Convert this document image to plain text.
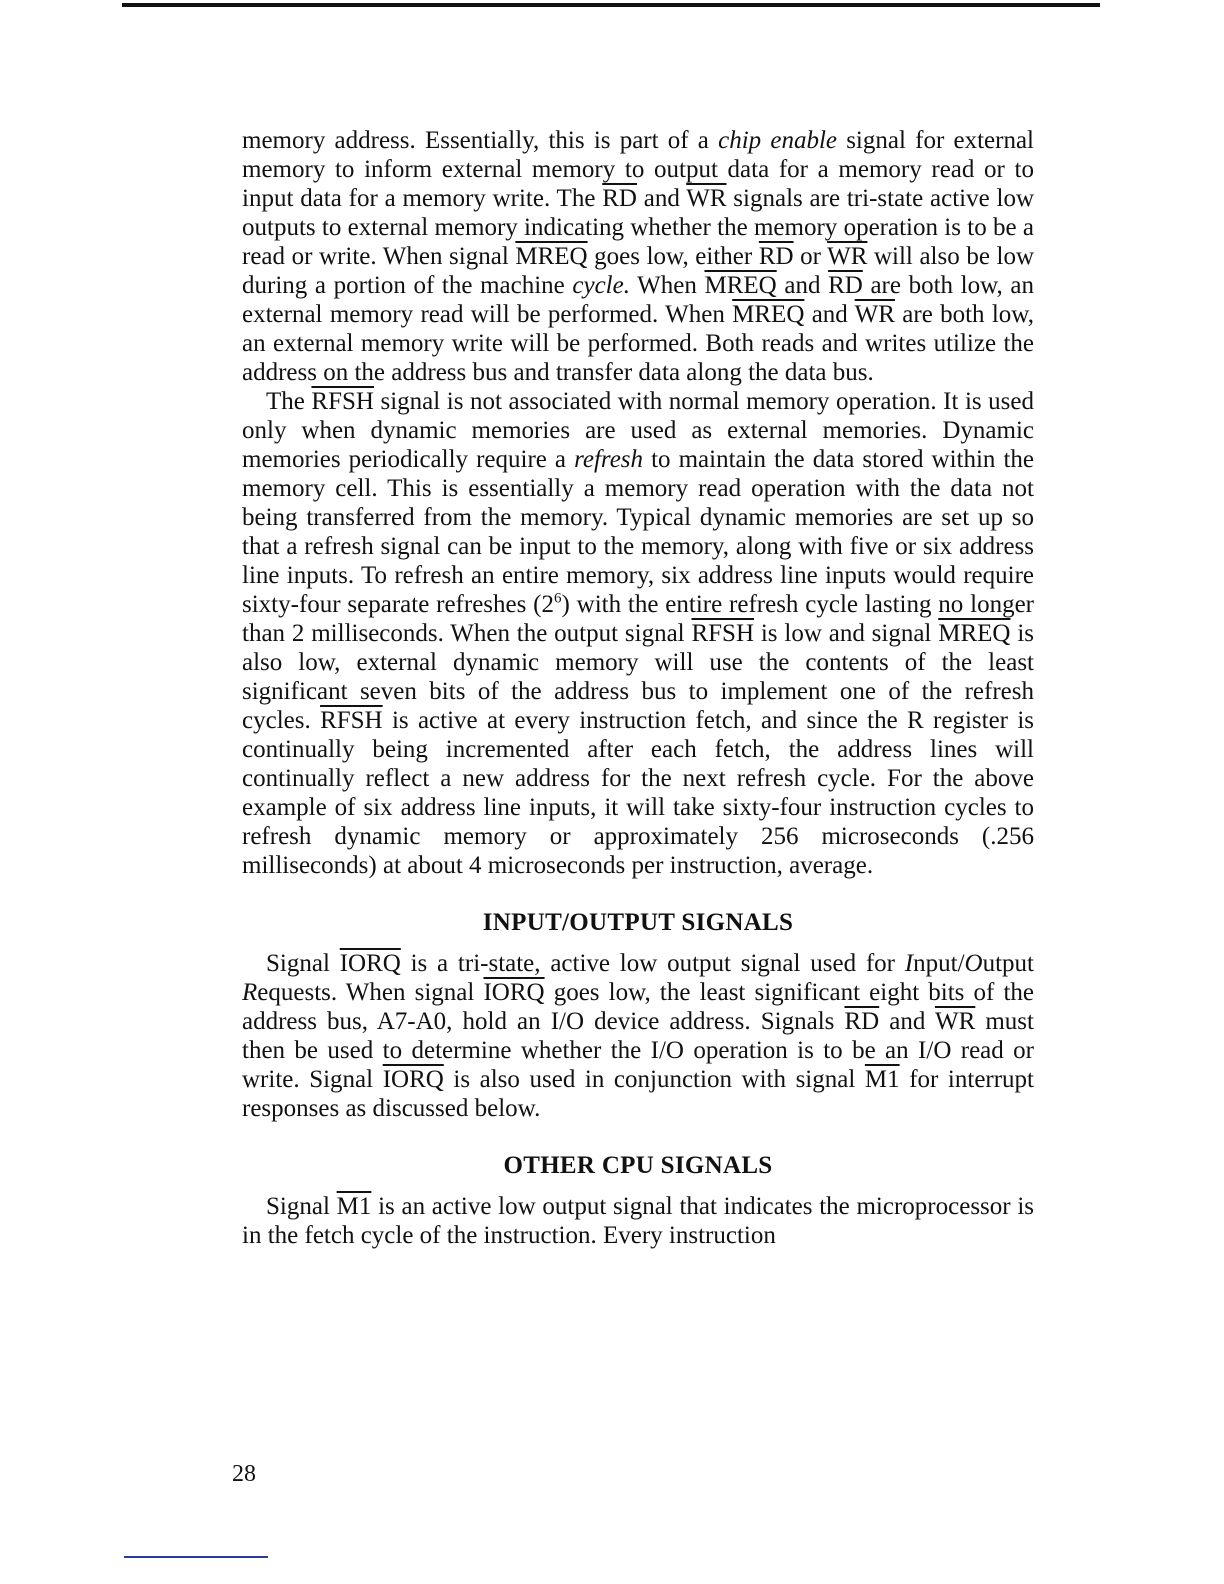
memory address. Essentially, this is part of a chip enable signal for external memory to inform external memory to output data for a memory read or to input data for a memory write. The $\overline{RD}$ and $\overline{WR}$ signals are tri-state active low outputs to external memory indicating whether the memory operation is to be a read or write. When signal MREQ goes low, either $\overline{RD}$ or $\overline{WR}$ will also be low during a portion of the machine cycle. When MREQ and $\overline{RD}$ are both low, an external memory read will be performed. When MREQ and $\overline{WR}$ are both low, an external memory write will be performed. Both reads and writes utilize the address on the address bus and transfer data along the data bus.

The RFSH signal is not associated with normal memory operation. It is used only when dynamic memories are used as external memories. Dynamic memories periodically require a refresh to maintain the data stored within the memory cell. This is essentially a memory read operation with the data not being transferred from the memory. Typical dynamic memories are set up so that a refresh signal can be input to the memory, along with five or six address line inputs. To refresh an entire memory, six address line inputs would require sixty-four separate refreshes $(2^6)$ with the entire refresh cycle lasting no longer than 2 milliseconds. When the output signal RFSH is low and signal MREQ is also low, external dynamic memory will use the contents of the least significant seven bits of the address bus to implement one of the refresh cycles. RFSH is active at every instruction fetch, and since the R register is continually being incremented after each fetch, the address lines will continually reflect a new address for the next refresh cycle. For the above example of six address line inputs, it will take sixty-four instruction cycles to refresh dynamic memory or approximately 256 microseconds (.256 milliseconds) at about 4 microseconds per instruction, average.

INPUT/OUTPUT SIGNALS

Signal IORQ is a tri-state, active low output signal used for Input/Output Requests. When signal IORQ goes low, the least significant eight bits of the address bus, A7-A0, hold an I/O device address. Signals $\overline{RD}$ and $\overline{WR}$ must then be used to determine whether the I/O operation is to be an I/O read or write. Signal IORQ is also used in conjunction with signal M1 for interrupt responses as discussed below.

OTHER CPU SIGNALS

Signal M1 is an active low output signal that indicates the microprocessor is in the fetch cycle of the instruction. Every instruction

28
